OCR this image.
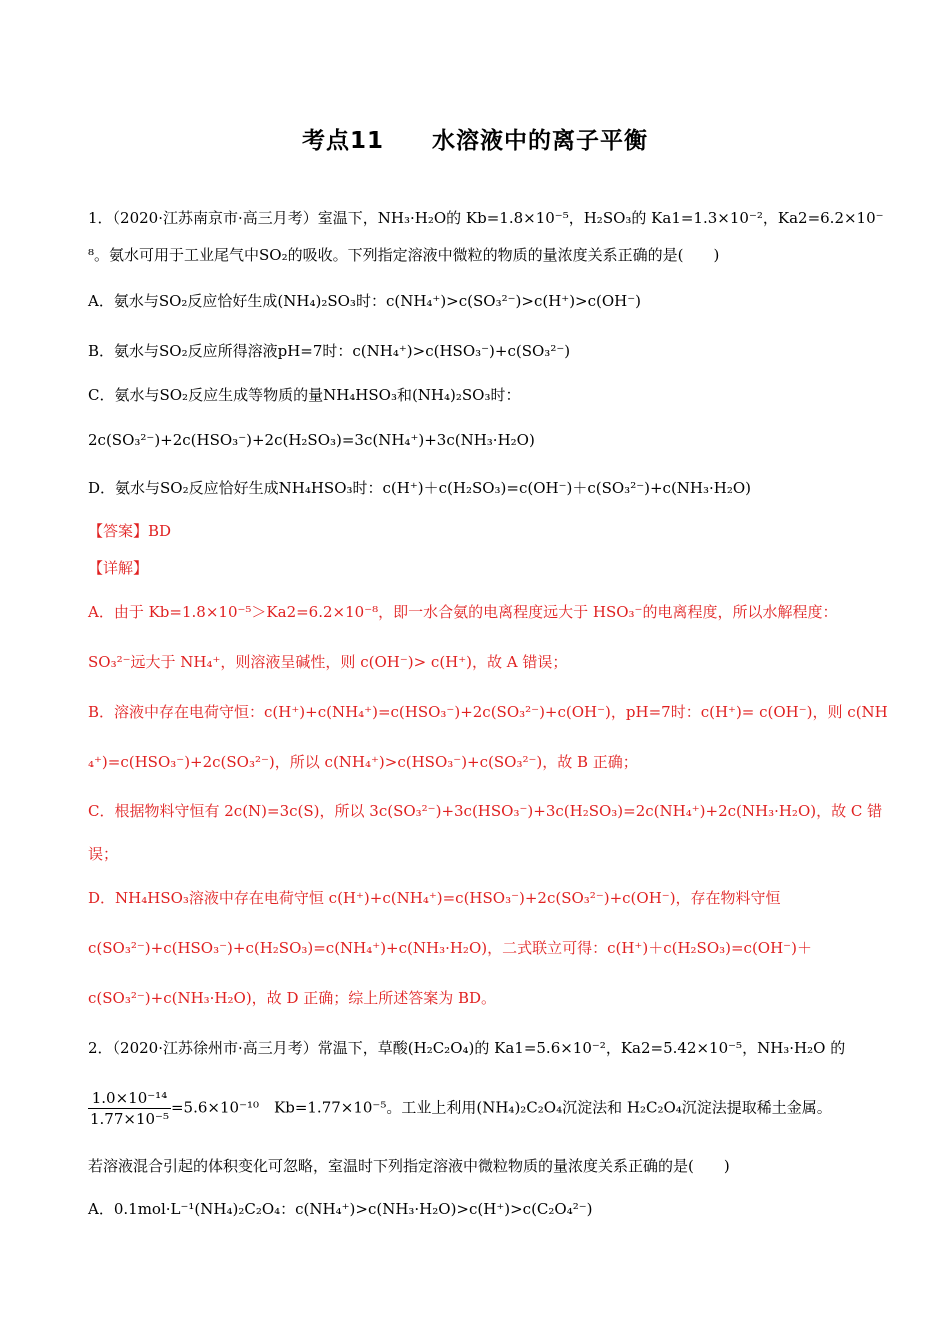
考点11　　水溶液中的离子平衡
1．（2020·江苏南京市·高三月考）室温下，NH₃·H₂O的 Kb=1.8×10⁻⁵，H₂SO₃的 Ka1=1.3×10⁻²，Ka2=6.2×10⁻
⁸。氨水可用于工业尾气中SO₂的吸收。下列指定溶液中微粒的物质的量浓度关系正确的是(　　)
A．氨水与SO₂反应恰好生成(NH₄)₂SO₃时：c(NH₄⁺)>c(SO₃²⁻)>c(H⁺)>c(OH⁻)
B．氨水与SO₂反应所得溶液pH=7时：c(NH₄⁺)>c(HSO₃⁻)+c(SO₃²⁻)
C．氨水与SO₂反应生成等物质的量NH₄HSO₃和(NH₄)₂SO₃时：
2c(SO₃²⁻)+2c(HSO₃⁻)+2c(H₂SO₃)=3c(NH₄⁺)+3c(NH₃·H₂O)
D．氨水与SO₂反应恰好生成NH₄HSO₃时：c(H⁺)＋c(H₂SO₃)=c(OH⁻)＋c(SO₃²⁻)+c(NH₃·H₂O)
【答案】BD
【详解】
A．由于 Kb=1.8×10⁻⁵＞Ka2=6.2×10⁻⁸，即一水合氨的电离程度远大于 HSO₃⁻的电离程度，所以水解程度：
SO₃²⁻远大于 NH₄⁺，则溶液呈碱性，则 c(OH⁻)> c(H⁺)，故 A 错误；
B．溶液中存在电荷守恒：c(H⁺)+c(NH₄⁺)=c(HSO₃⁻)+2c(SO₃²⁻)+c(OH⁻)，pH=7时：c(H⁺)= c(OH⁻)，则 c(NH
₄⁺)=c(HSO₃⁻)+2c(SO₃²⁻)，所以 c(NH₄⁺)>c(HSO₃⁻)+c(SO₃²⁻)，故 B 正确；
C．根据物料守恒有 2c(N)=3c(S)，所以 3c(SO₃²⁻)+3c(HSO₃⁻)+3c(H₂SO₃)=2c(NH₄⁺)+2c(NH₃·H₂O)，故 C 错
误；
D．NH₄HSO₃溶液中存在电荷守恒 c(H⁺)+c(NH₄⁺)=c(HSO₃⁻)+2c(SO₃²⁻)+c(OH⁻)，存在物料守恒
c(SO₃²⁻)+c(HSO₃⁻)+c(H₂SO₃)=c(NH₄⁺)+c(NH₃·H₂O)，二式联立可得：c(H⁺)＋c(H₂SO₃)=c(OH⁻)＋
c(SO₃²⁻)+c(NH₃·H₂O)，故 D 正确；综上所述答案为 BD。
2．（2020·江苏徐州市·高三月考）常温下，草酸(H₂C₂O₄)的 Ka1=5.6×10⁻²，Ka2=5.42×10⁻⁵，NH₃·H₂O 的
$\frac{\text{1.0×10⁻¹⁴}}{\text{1.77×10⁻⁵}} =5.6\times 10^{-10}$　Kb=1.77×10⁻⁵。工业上利用(NH₄)₂C₂O₄沉淀法和 H₂C₂O₄沉淀法提取稀土金属。
若溶液混合引起的体积变化可忽略，室温时下列指定溶液中微粒物质的量浓度关系正确的是(　　)
A．0.1mol·L⁻¹(NH₄)₂C₂O₄：c(NH₄⁺)>c(NH₃·H₂O)>c(H⁺)>c(C₂O₄²⁻)
